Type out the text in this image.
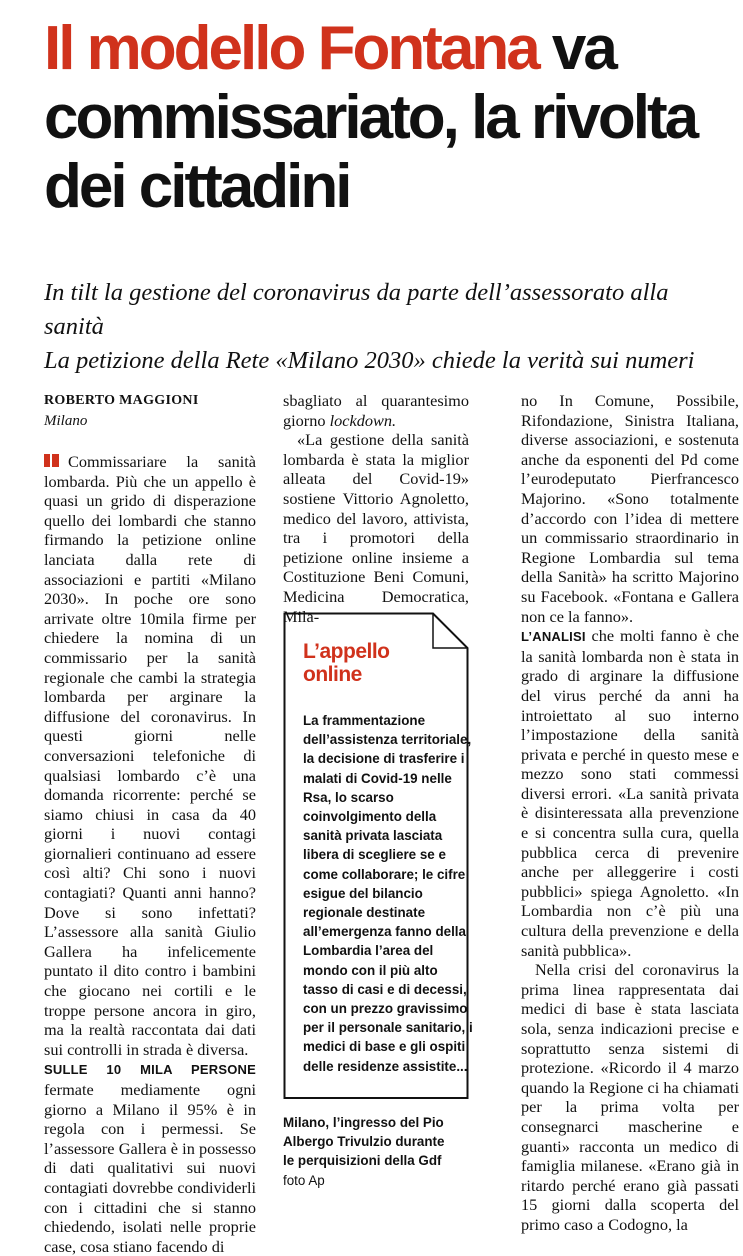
Il modello Fontana va commissariato, la rivolta dei cittadini
In tilt la gestione del coronavirus da parte dell’assessorato alla sanità
La petizione della Rete «Milano 2030» chiede la verità sui numeri
ROBERTO MAGGIONI
Milano

Commissariare la sanità lombarda. Più che un appello è quasi un grido di disperazione quello dei lombardi che stanno firmando la petizione online lanciata dalla rete di associazioni e partiti «Milano 2030». In poche ore sono arrivate oltre 10mila firme per chiedere la nomina di un commissario per la sanità regionale che cambi la strategia lombarda per arginare la diffusione del coronavirus. In questi giorni nelle conversazioni telefoniche di qualsiasi lombardo c’è una domanda ricorrente: perché se siamo chiusi in casa da 40 giorni i nuovi contagi giornalieri continuano ad essere così alti? Chi sono i nuovi contagiati? Quanti anni hanno? Dove si sono infettati? L’assessore alla sanità Giulio Gallera ha infelicemente puntato il dito contro i bambini che giocano nei cortili e le troppe persone ancora in giro, ma la realtà raccontata dai dati sui controlli in strada è diversa.

SULLE 10 MILA PERSONE fermate mediamente ogni giorno a Milano il 95% è in regola con i permessi. Se l’assessore Gallera è in possesso di dati qualitativi sui nuovi contagiati dovrebbe condividerli con i cittadini che si stanno chiedendo, isolati nelle proprie case, cosa stiano facendo di

sbagliato al quarantesimo giorno lockdown.

«La gestione della sanità lombarda è stata la miglior alleata del Covid-19» sostiene Vittorio Agnoletto, medico del lavoro, attivista, tra i promotori della petizione online insieme a Costituzione Beni Comuni, Medicina Democratica, Mila-

L’appello online
La frammentazione dell’assistenza territoriale, la decisione di trasferire i malati di Covid-19 nelle Rsa, lo scarso coinvolgimento della sanità privata lasciata libera di scegliere se e come collaborare; le cifre esigue del bilancio regionale destinate all’emergenza fanno della Lombardia l’area del mondo con il più alto tasso di casi e di decessi, con un prezzo gravissimo per il personale sanitario, i medici di base e gli ospiti delle residenze assistite...
Milano, l’ingresso del Pio Albergo Trivulzio durante le perquisizioni della Gdf foto Ap

no In Comune, Possibile, Rifondazione, Sinistra Italiana, diverse associazioni, e sostenuta anche da esponenti del Pd come l’eurodeputato Pierfrancesco Majorino. «Sono totalmente d’accordo con l’idea di mettere un commissario straordinario in Regione Lombardia sul tema della Sanità» ha scritto Majorino su Facebook. «Fontana e Gallera non ce la fanno».

L’ANALISI che molti fanno è che la sanità lombarda non è stata in grado di arginare la diffusione del virus perché da anni ha introiettato al suo interno l’impostazione della sanità privata e perché in questo mese e mezzo sono stati commessi diversi errori. «La sanità privata è disinteressata alla prevenzione e si concentra sulla cura, quella pubblica cerca di prevenire anche per alleggerire i costi pubblici» spiega Agnoletto. «In Lombardia non c’è più una cultura della prevenzione e della sanità pubblica».

Nella crisi del coronavirus la prima linea rappresentata dai medici di base è stata lasciata sola, senza indicazioni precise e soprattutto senza sistemi di protezione. «Ricordo il 4 marzo quando la Regione ci ha chiamati per la prima volta per consegnarci mascherine e guanti» racconta un medico di famiglia milanese. «Erano già in ritardo perché erano già passati 15 giorni dalla scoperta del primo caso a Codogno, la
